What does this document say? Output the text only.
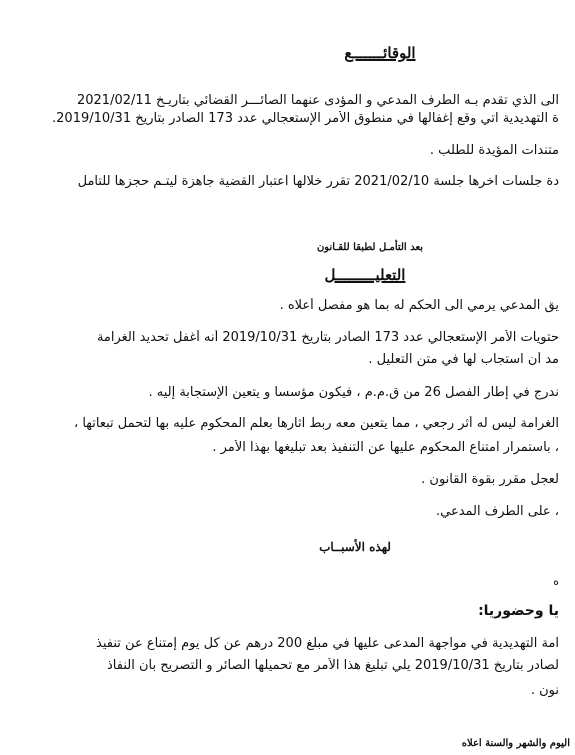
الوقائـــــــع
الى الذي تقدم بـه الطرف المدعي و المؤدى عنهما الصائـــر القضائي بتاريـخ 2021/02/11
ة التهديدية اتي وقع إغفالها في منطوق الأمر الإستعجالي عدد 173 الصادر بتاريخ 2019/10/31.
متندات المؤيدة للطلب .
دة جلسات آخرها جلسة 2021/02/10 تقرر خلالها اعتبار القضية جاهزة ليتـم حجزها للتأمل
بعد التأمـل لطبقا للقـانون
التعليـــــــــل
يق المدعي يرمي الى الحكم له بما هو مفصل أعلاه .
حتويات الأمر الإستعجالي عدد 173 الصادر بتاريخ 2019/10/31 أنه أغفل تحديد الغرامة
مد أن استجاب لها في متن التعليل .
ندرج في إطار الفصل 26 من ق.م.م ، فيكون مؤسسا و يتعين الإستجابة إليه .
الغرامة ليس له أثر رجعي ، مما يتعين معه ربط آثارها بعلم المحكوم عليه بها لتحمل تبعاتها ،
، باستمرار امتناع المحكوم عليها عن التنفيذ بعد تبليغها بهذا الأمر .
لعجل مقرر بقوة القانون .
، على الطرف المدعي.
لهذه الأسبــاب
ه
يا وحضوريا:
امة التهديدية في مواجهة المدعى عليها في مبلغ 200 درهم عن كل يوم إمتناع عن تنفيذ
لصادر بتاريخ 2019/10/31 يلي تبليغ هذا الأمر مع تحميلها الصائر و التصريح بأن النفاذ
نون .
اليوم والشهر والسنة اعلاه
